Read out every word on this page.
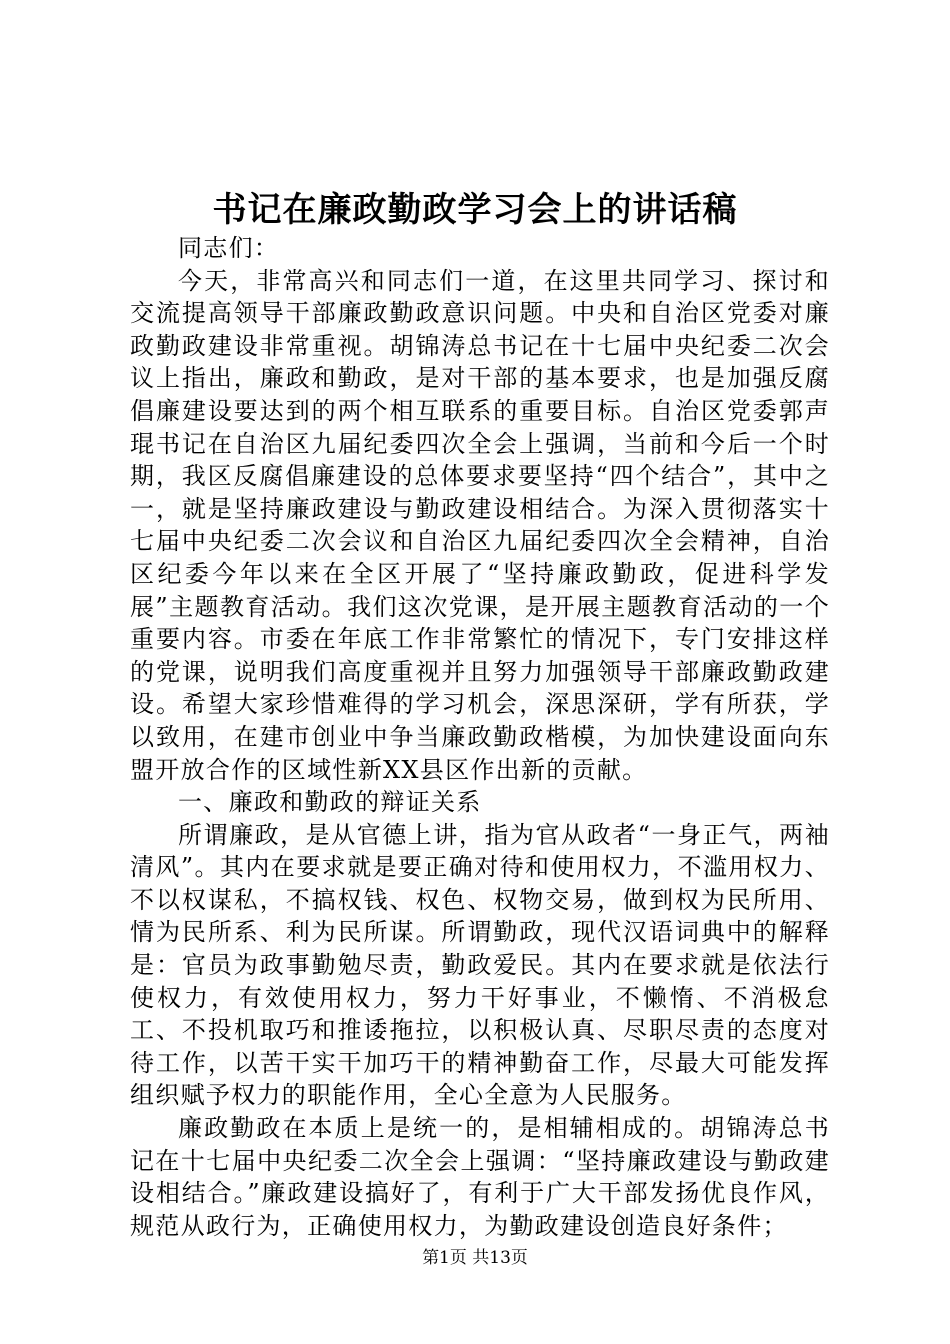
书记在廉政勤政学习会上的讲话稿

同志们：

今天，非常高兴和同志们一道，在这里共同学习、探讨和交流提高领导干部廉政勤政意识问题。中央和自治区党委对廉政勤政建设非常重视。胡锦涛总书记在十七届中央纪委二次会议上指出，廉政和勤政，是对干部的基本要求，也是加强反腐倡廉建设要达到的两个相互联系的重要目标。自治区党委郭声琨书记在自治区九届纪委四次全会上强调，当前和今后一个时期，我区反腐倡廉建设的总体要求要坚持“四个结合”，其中之一，就是坚持廉政建设与勤政建设相结合。为深入贯彻落实十七届中央纪委二次会议和自治区九届纪委四次全会精神，自治区纪委今年以来在全区开展了“坚持廉政勤政，促进科学发展”主题教育活动。我们这次党课，是开展主题教育活动的一个重要内容。市委在年底工作非常繁忙的情况下，专门安排这样的党课，说明我们高度重视并且努力加强领导干部廉政勤政建设。希望大家珍惜难得的学习机会，深思深研，学有所获，学以致用，在建市创业中争当廉政勤政楷模，为加快建设面向东盟开放合作的区域性新XX县区作出新的贡献。

一、廉政和勤政的辩证关系

所谓廉政，是从官德上讲，指为官从政者“一身正气，两袖清风”。其内在要求就是要正确对待和使用权力，不滥用权力、不以权谋私，不搞权钱、权色、权物交易，做到权为民所用、情为民所系、利为民所谋。所谓勤政，现代汉语词典中的解释是：官员为政事勤勉尽责，勤政爱民。其内在要求就是依法行使权力，有效使用权力，努力干好事业，不懒惰、不消极怠工、不投机取巧和推诿拖拉，以积极认真、尽职尽责的态度对待工作，以苦干实干加巧干的精神勤奋工作，尽最大可能发挥组织赋予权力的职能作用，全心全意为人民服务。

廉政勤政在本质上是统一的，是相辅相成的。胡锦涛总书记在十七届中央纪委二次全会上强调：“坚持廉政建设与勤政建设相结合。”廉政建设搞好了，有利于广大干部发扬优良作风，规范从政行为，正确使用权力，为勤政建设创造良好条件；

第1页 共13页
